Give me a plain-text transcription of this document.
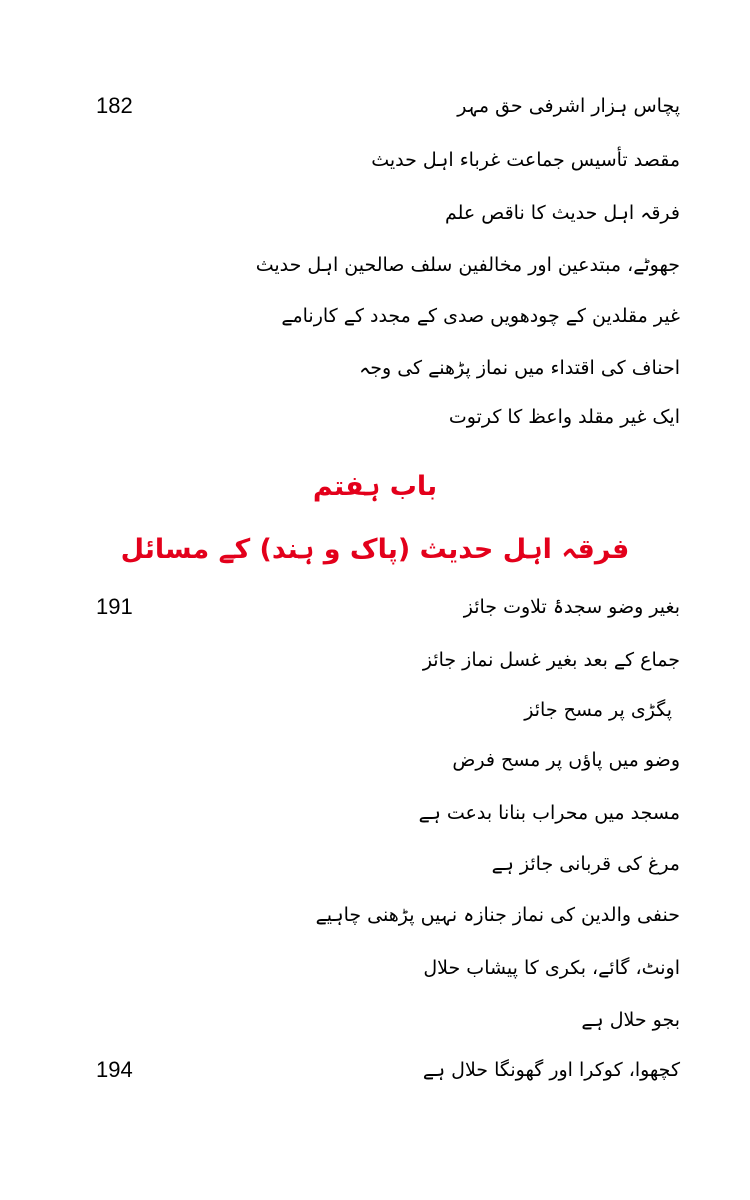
پچاس ہزار اشرفی حق مہر
182
مقصد تأسیس جماعت غرباء اہل حدیث
فرقہ اہل حدیث کا ناقص علم
جھوٹے، مبتدعین اور مخالفین سلف صالحین اہل حدیث
غیر مقلدین کے چودھویں صدی کے مجدد کے کارنامے
احناف کی اقتداء میں نماز پڑھنے کی وجہ
ایک غیر مقلد واعظ کا کرتوت
باب ہفتم
فرقہ اہل حدیث (پاک و ہند) کے مسائل
بغیر وضو سجدۂ تلاوت جائز
191
جماع کے بعد بغیر غسل نماز جائز
پگڑی پر مسح جائز
وضو میں پاؤں پر مسح فرض
مسجد میں محراب بنانا بدعت ہے
مرغ کی قربانی جائز ہے
حنفی والدین کی نماز جنازہ نہیں پڑھنی چاہیے
اونٹ، گائے، بکری کا پیشاب حلال
بجو حلال ہے
کچھوا، کوکرا اور گھونگا حلال ہے
194
